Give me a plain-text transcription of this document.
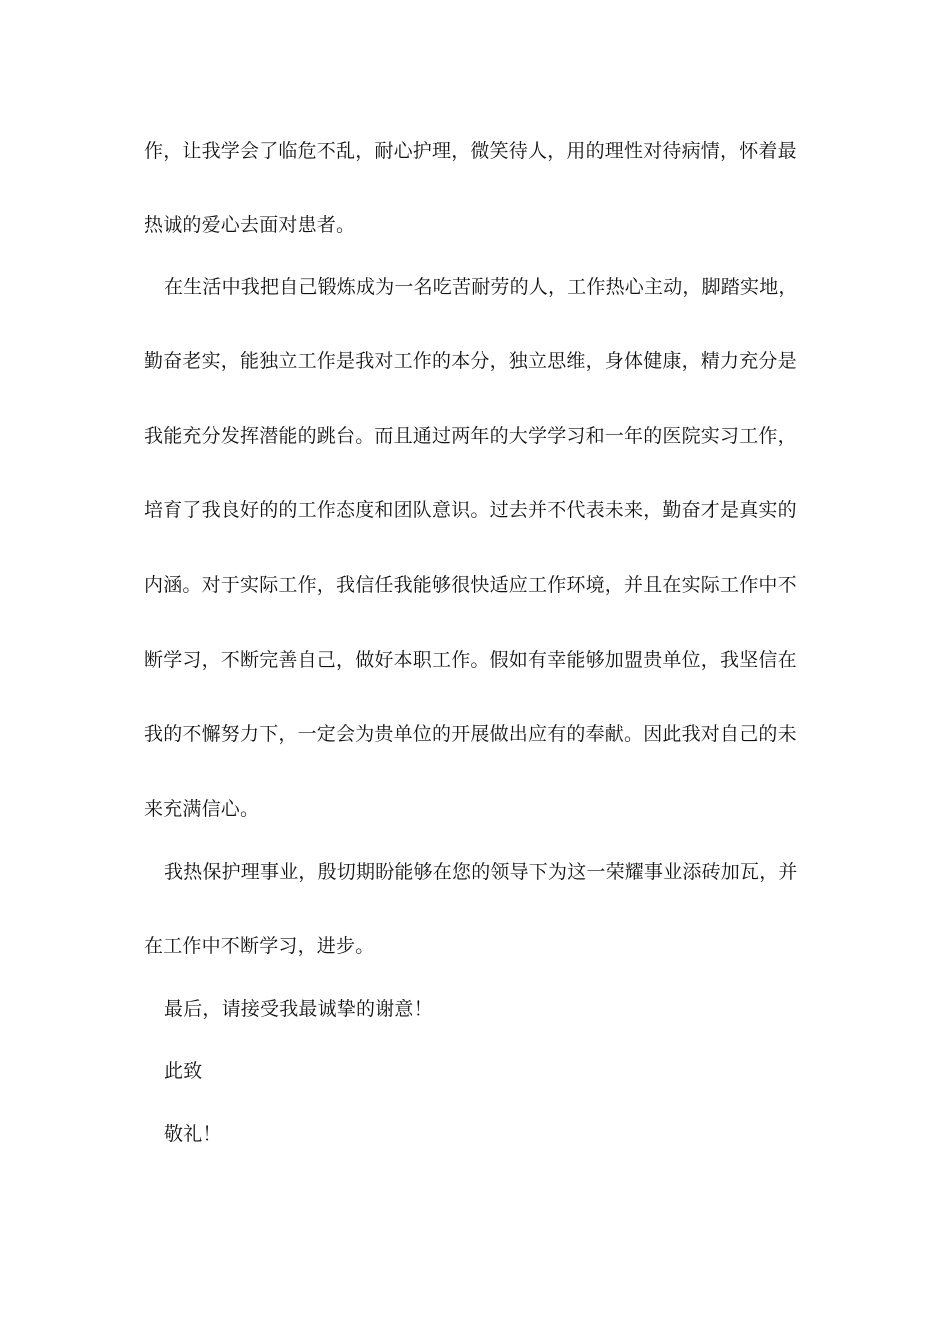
作，让我学会了临危不乱，耐心护理，微笑待人，用的理性对待病情，怀着最
热诚的爱心去面对患者。
在生活中我把自己锻炼成为一名吃苦耐劳的人，工作热心主动，脚踏实地，
勤奋老实，能独立工作是我对工作的本分，独立思维，身体健康，精力充分是
我能充分发挥潜能的跳台。而且通过两年的大学学习和一年的医院实习工作，
培育了我良好的的工作态度和团队意识。过去并不代表未来，勤奋才是真实的
内涵。对于实际工作，我信任我能够很快适应工作环境，并且在实际工作中不
断学习，不断完善自己，做好本职工作。假如有幸能够加盟贵单位，我坚信在
我的不懈努力下，一定会为贵单位的开展做出应有的奉献。因此我对自己的未
来充满信心。
我热保护理事业，殷切期盼能够在您的领导下为这一荣耀事业添砖加瓦，并
在工作中不断学习，进步。
最后，请接受我最诚挚的谢意！
此致
敬礼！
